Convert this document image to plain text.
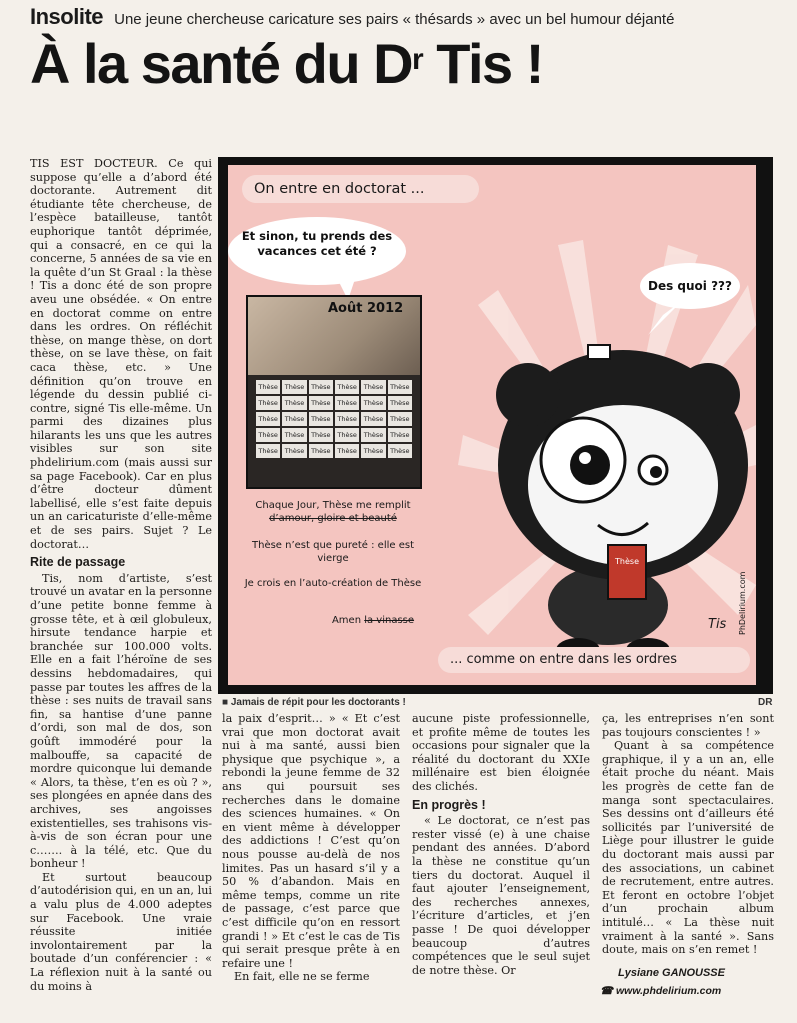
Insolite Une jeune chercheuse caricature ses pairs « thésards » avec un bel humour déjanté
À la santé du $D^r$ Tis !

TIS EST DOCTEUR. Ce qui suppose qu’elle a d’abord été doctorante. Autrement dit étudiante tête chercheuse, de l’espèce batailleuse, tantôt euphorique tantôt déprimée, qui a consacré, en ce qui la concerne, 5 années de sa vie en la quête d’un St Graal : la thèse ! Tis a donc été de son propre aveu une obsédée. « On entre en doctorat comme on entre dans les ordres. On réfléchit thèse, on mange thèse, on dort thèse, on se lave thèse, on fait caca thèse, etc. » Une définition qu’on trouve en légende du dessin publié ci-contre, signé Tis elle-même. Un parmi des dizaines plus hilarants les uns que les autres visibles sur son site phdelirium.com (mais aussi sur sa page Facebook). Car en plus d’être docteur dûment labellisé, elle s’est faite depuis un an caricaturiste d’elle-même et de ses pairs. Sujet ? Le doctorat…

Rite de passage

Tis, nom d’artiste, s’est trouvé un avatar en la personne d’une petite bonne femme à grosse tête, et à œil globuleux, hirsute tendance harpie et branchée sur 100.000 volts. Elle en a fait l’héroïne de ses dessins hebdomadaires, qui passe par toutes les affres de la thèse : ses nuits de travail sans fin, sa hantise d’une panne d’ordi, son mal de dos, son goûft immodéré pour la malbouffe, sa capacité de mordre quiconque lui demande « Alors, ta thèse, t’en es où ? », ses plongées en apnée dans des archives, ses angoisses existentielles, ses trahisons vis-à-vis de son écran pour une c……. à la télé, etc. Que du bonheur !

Et surtout beaucoup d’autodérision qui, en un an, lui a valu plus de 4.000 adeptes sur Facebook. Une vraie réussite initiée involontairement par la boutade d’un conférencier : « La réflexion nuit à la santé ou du moins à

On entre en doctorat ...
Et sinon, tu prends des vacances cet été ?
Des quoi ???
Août 2012
Thèse	Thèse	Thèse	Thèse	Thèse	Thèse
Thèse	Thèse	Thèse	Thèse	Thèse	Thèse
Thèse	Thèse	Thèse	Thèse	Thèse	Thèse
Thèse	Thèse	Thèse	Thèse	Thèse	Thèse
Thèse	Thèse	Thèse	Thèse	Thèse	Thèse
Chaque Jour, Thèse me remplit
d’amour, gloire et beauté
Thèse n’est que pureté : elle est vierge
Je crois en l’auto-création de Thèse
Amen la vinasse
Thèse
Tis PhDelirium.com
... comme on entre dans les ordres
■ Jamais de répit pour les doctorants !	DR

la paix d’esprit… » « Et c’est vrai que mon doctorat avait nui à ma santé, aussi bien physique que psychique », a rebondi la jeune femme de 32 ans qui poursuit ses recherches dans le domaine des sciences humaines. « On en vient même à développer des addictions ! C’est qu’on nous pousse au-delà de nos limites. Pas un hasard s’il y a 50 % d’abandon. Mais en même temps, comme un rite de passage, c’est parce que c’est difficile qu’on en ressort grandi ! » Et c’est le cas de Tis qui serait presque prête à en refaire une !

En fait, elle ne se ferme

aucune piste professionnelle, et profite même de toutes les occasions pour signaler que la réalité du doctorant du XXIe millénaire est bien éloignée des clichés.

En progrès !

« Le doctorat, ce n’est pas rester vissé (e) à une chaise pendant des années. D’abord la thèse ne constitue qu’un tiers du doctorat. Auquel il faut ajouter l’enseignement, des recherches annexes, l’écriture d’articles, et j’en passe ! De quoi développer beaucoup d’autres compétences que le seul sujet de notre thèse. Or

ça, les entreprises n’en sont pas toujours conscientes ! »

Quant à sa compétence graphique, il y a un an, elle était proche du néant. Mais les progrès de cette fan de manga sont spectaculaires. Ses dessins ont d’ailleurs été sollicités par l’université de Liège pour illustrer le guide du doctorant mais aussi par des associations, un cabinet de recrutement, entre autres. Et feront en octobre l’objet d’un prochain album intitulé… « La thèse nuit vraiment à la santé ». Sans doute, mais on s’en remet !

Lysiane GANOUSSE
☎ www.phdelirium.com
